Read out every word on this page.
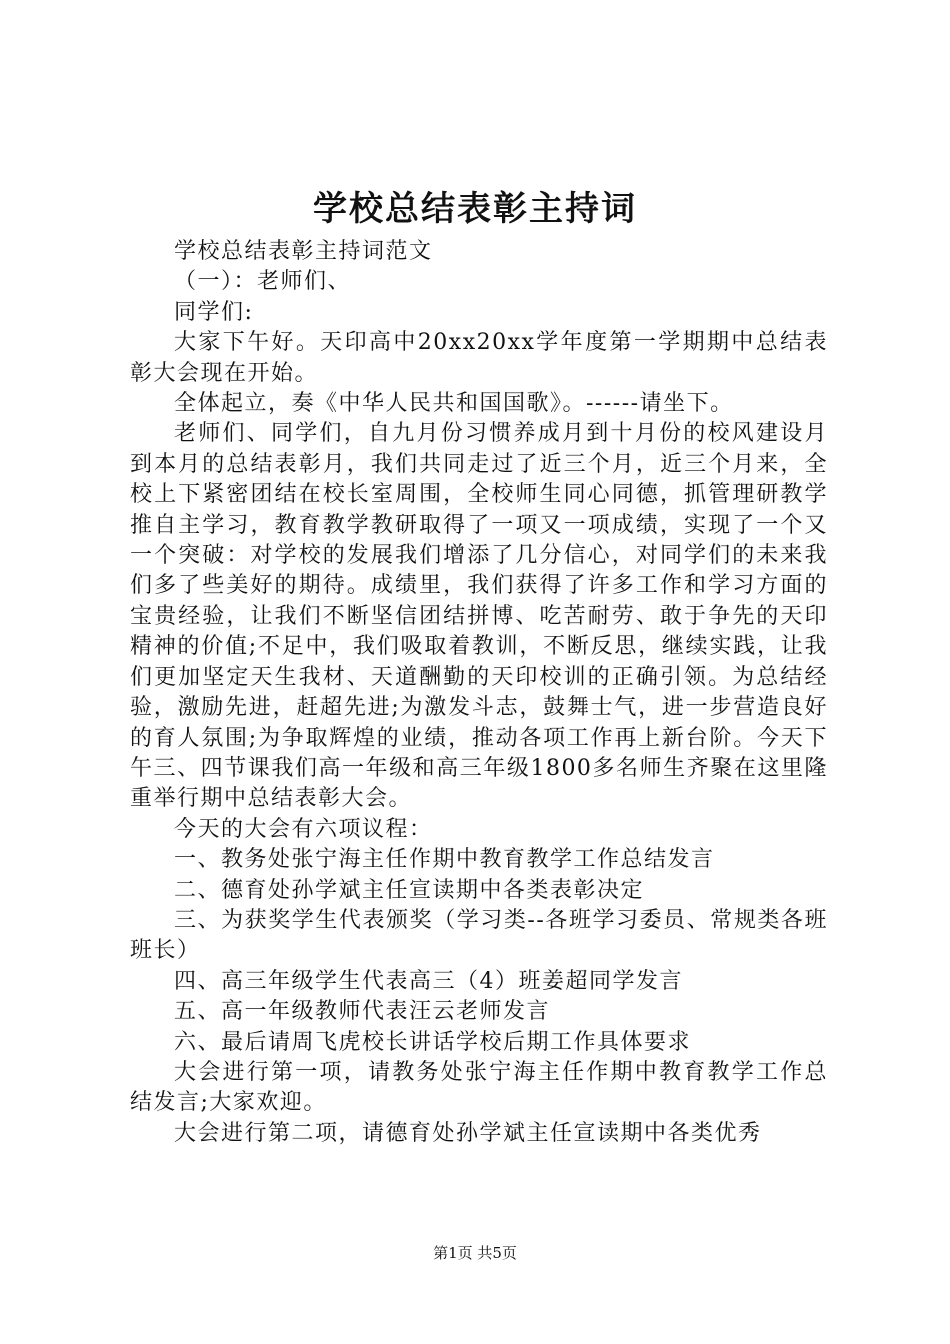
学校总结表彰主持词

学校总结表彰主持词范文

（一）：老师们、

同学们:

大家下午好。天印高中20xx20xx学年度第一学期期中总结表彰大会现在开始。

全体起立，奏《中华人民共和国国歌》。------请坐下。

老师们、同学们，自九月份习惯养成月到十月份的校风建设月到本月的总结表彰月，我们共同走过了近三个月，近三个月来，全校上下紧密团结在校长室周围，全校师生同心同德，抓管理研教学推自主学习，教育教学教研取得了一项又一项成绩，实现了一个又一个突破：对学校的发展我们增添了几分信心，对同学们的未来我们多了些美好的期待。成绩里，我们获得了许多工作和学习方面的宝贵经验，让我们不断坚信团结拼博、吃苦耐劳、敢于争先的天印精神的价值;不足中，我们吸取着教训，不断反思，继续实践，让我们更加坚定天生我材、天道酬勤的天印校训的正确引领。为总结经验，激励先进，赶超先进;为激发斗志，鼓舞士气，进一步营造良好的育人氛围;为争取辉煌的业绩，推动各项工作再上新台阶。今天下午三、四节课我们高一年级和高三年级1800多名师生齐聚在这里隆重举行期中总结表彰大会。

今天的大会有六项议程：

一、教务处张宁海主任作期中教育教学工作总结发言

二、德育处孙学斌主任宣读期中各类表彰决定

三、为获奖学生代表颁奖（学习类--各班学习委员、常规类各班班长）

四、高三年级学生代表高三（4）班姜超同学发言

五、高一年级教师代表汪云老师发言

六、最后请周飞虎校长讲话学校后期工作具体要求

大会进行第一项，请教务处张宁海主任作期中教育教学工作总结发言;大家欢迎。

大会进行第二项，请德育处孙学斌主任宣读期中各类优秀

第1页 共5页
